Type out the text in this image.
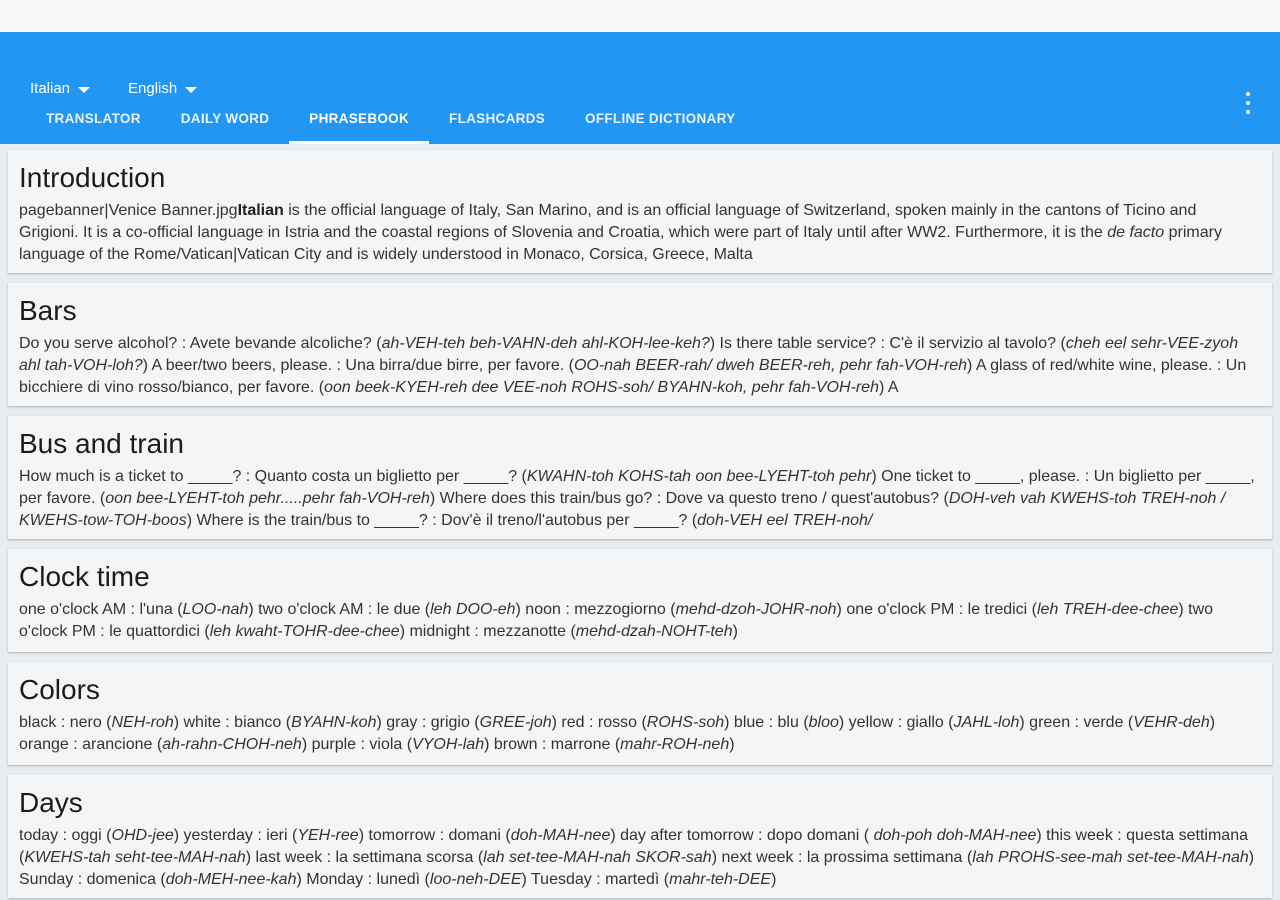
Italian	English
TRANSLATOR	DAILY WORD	PHRASEBOOK	FLASHCARDS	OFFLINE DICTIONARY
Introduction
pagebanner|Venice Banner.jpgItalian is the official language of Italy, San Marino, and is an official language of Switzerland, spoken mainly in the cantons of Ticino and Grigioni. It is a co-official language in Istria and the coastal regions of Slovenia and Croatia, which were part of Italy until after WW2. Furthermore, it is the de facto primary language of the Rome/Vatican|Vatican City and is widely understood in Monaco, Corsica, Greece, Malta
Bars
Do you serve alcohol? : Avete bevande alcoliche? (ah-VEH-teh beh-VAHN-deh ahl-KOH-lee-keh?) Is there table service? : C'è il servizio al tavolo? (cheh eel sehr-VEE-zyoh ahl tah-VOH-loh?) A beer/two beers, please. : Una birra/due birre, per favore. (OO-nah BEER-rah/ dweh BEER-reh, pehr fah-VOH-reh) A glass of red/white wine, please. : Un bicchiere di vino rosso/bianco, per favore. (oon beek-KYEH-reh dee VEE-noh ROHS-soh/ BYAHN-koh, pehr fah-VOH-reh) A
Bus and train
How much is a ticket to _____? : Quanto costa un biglietto per _____? (KWAHN-toh KOHS-tah oon bee-LYEHT-toh pehr) One ticket to _____, please. : Un biglietto per _____, per favore. (oon bee-LYEHT-toh pehr.....pehr fah-VOH-reh) Where does this train/bus go? : Dove va questo treno / quest'autobus? (DOH-veh vah KWEHS-toh TREH-noh / KWEHS-tow-TOH-boos) Where is the train/bus to _____? : Dov'è il treno/l'autobus per _____? (doh-VEH eel TREH-noh/
Clock time
one o'clock AM : l'una (LOO-nah) two o'clock AM : le due (leh DOO-eh) noon : mezzogiorno (mehd-dzoh-JOHR-noh) one o'clock PM : le tredici (leh TREH-dee-chee) two o'clock PM : le quattordici (leh kwaht-TOHR-dee-chee) midnight : mezzanotte (mehd-dzah-NOHT-teh)
Colors
black : nero (NEH-roh) white : bianco (BYAHN-koh) gray : grigio (GREE-joh) red : rosso (ROHS-soh) blue : blu (bloo) yellow : giallo (JAHL-loh) green : verde (VEHR-deh) orange : arancione (ah-rahn-CHOH-neh) purple : viola (VYOH-lah) brown : marrone (mahr-ROH-neh)
Days
today : oggi (OHD-jee) yesterday : ieri (YEH-ree) tomorrow : domani (doh-MAH-nee) day after tomorrow : dopo domani ( doh-poh doh-MAH-nee) this week : questa settimana (KWEHS-tah seht-tee-MAH-nah) last week : la settimana scorsa (lah set-tee-MAH-nah SKOR-sah) next week : la prossima settimana (lah PROHS-see-mah set-tee-MAH-nah) Sunday : domenica (doh-MEH-nee-kah) Monday : lunedì (loo-neh-DEE) Tuesday : martedì (mahr-teh-DEE)
